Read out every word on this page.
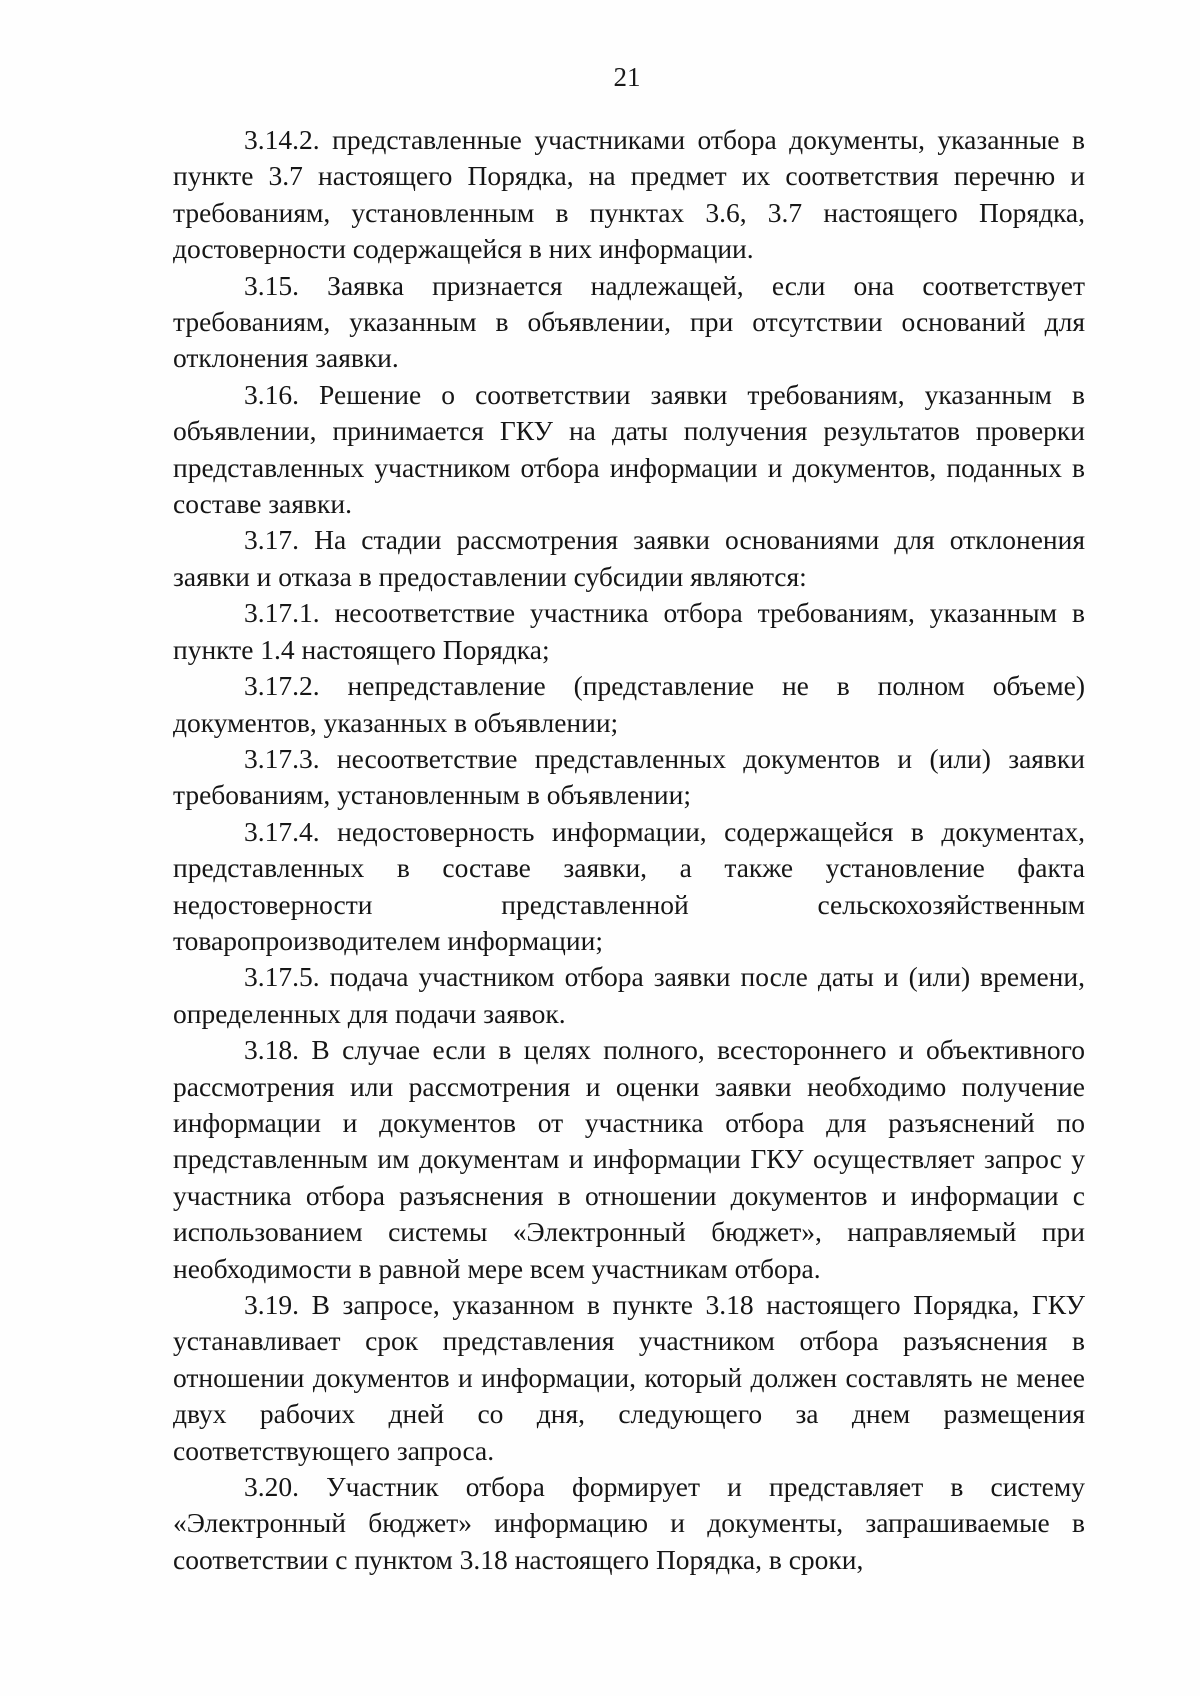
21

3.14.2. представленные участниками отбора документы, указанные в пункте 3.7 настоящего Порядка, на предмет их соответствия перечню и требованиям, установленным в пунктах 3.6, 3.7 настоящего Порядка, достоверности содержащейся в них информации.

3.15. Заявка признается надлежащей, если она соответствует требованиям, указанным в объявлении, при отсутствии оснований для отклонения заявки.

3.16. Решение о соответствии заявки требованиям, указанным в объявлении, принимается ГКУ на даты получения результатов проверки представленных участником отбора информации и документов, поданных в составе заявки.

3.17. На стадии рассмотрения заявки основаниями для отклонения заявки и отказа в предоставлении субсидии являются:

3.17.1. несоответствие участника отбора требованиям, указанным в пункте 1.4 настоящего Порядка;

3.17.2. непредставление (представление не в полном объеме) документов, указанных в объявлении;

3.17.3. несоответствие представленных документов и (или) заявки требованиям, установленным в объявлении;

3.17.4. недостоверность информации, содержащейся в документах, представленных в составе заявки, а также установление факта недостоверности представленной сельскохозяйственным товаропроизводителем информации;

3.17.5. подача участником отбора заявки после даты и (или) времени, определенных для подачи заявок.

3.18. В случае если в целях полного, всестороннего и объективного рассмотрения или рассмотрения и оценки заявки необходимо получение информации и документов от участника отбора для разъяснений по представленным им документам и информации ГКУ осуществляет запрос у участника отбора разъяснения в отношении документов и информации с использованием системы «Электронный бюджет», направляемый при необходимости в равной мере всем участникам отбора.

3.19. В запросе, указанном в пункте 3.18 настоящего Порядка, ГКУ устанавливает срок представления участником отбора разъяснения в отношении документов и информации, который должен составлять не менее двух рабочих дней со дня, следующего за днем размещения соответствующего запроса.

3.20. Участник отбора формирует и представляет в систему «Электронный бюджет» информацию и документы, запрашиваемые в соответствии с пунктом 3.18 настоящего Порядка, в сроки,
